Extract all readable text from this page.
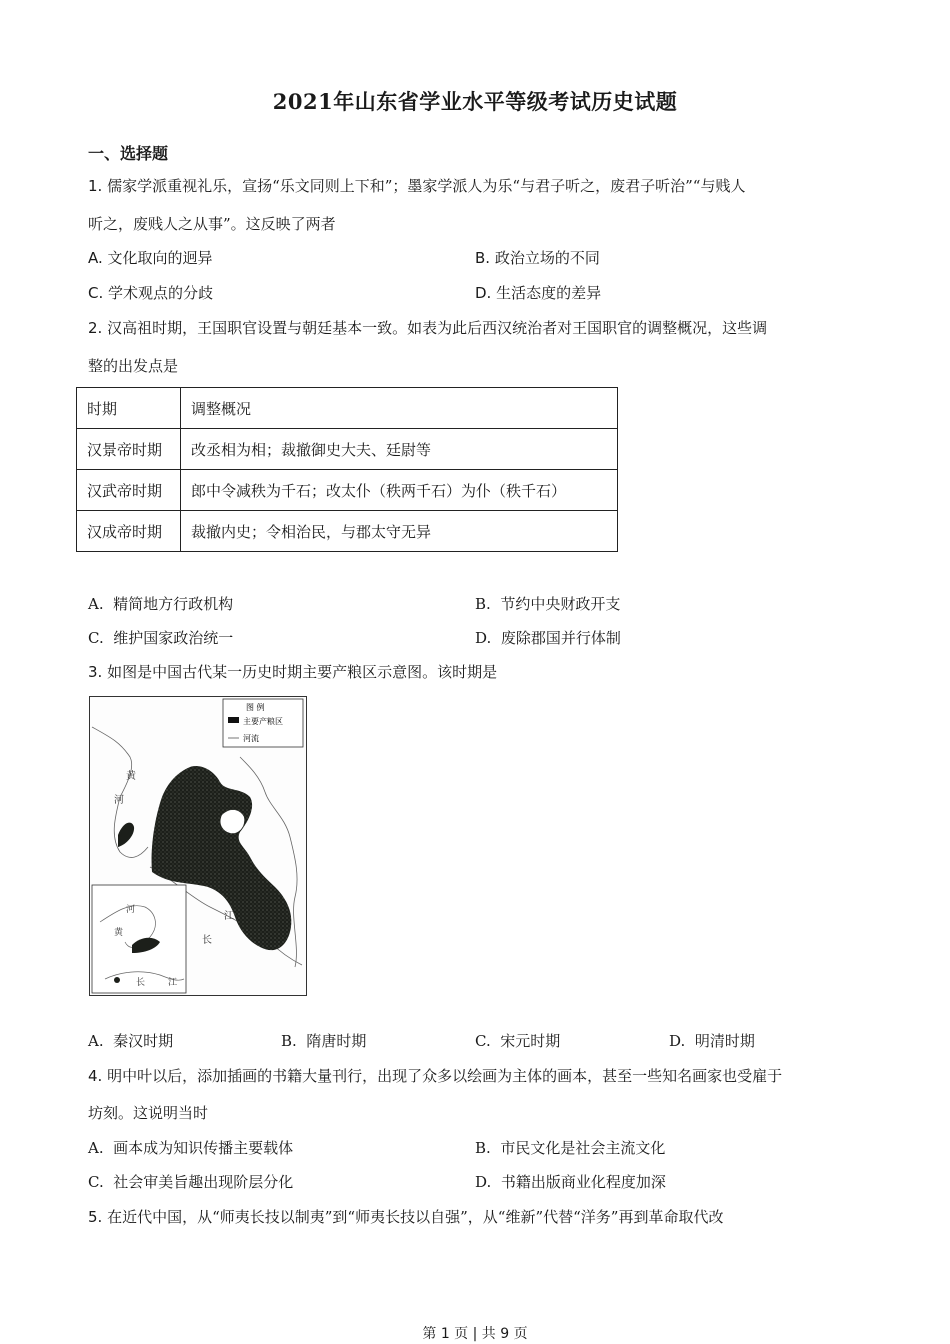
2021年山东省学业水平等级考试历史试题
一、选择题
1. 儒家学派重视礼乐，宣扬“乐文同则上下和”；墨家学派人为乐“与君子听之，废君子听治”“与贱人
听之，废贱人之从事”。这反映了两者
A. 文化取向的迥异	B. 政治立场的不同
C. 学术观点的分歧	D. 生活态度的差异
2. 汉高祖时期，王国职官设置与朝廷基本一致。如表为此后西汉统治者对王国职官的调整概况，这些调
整的出发点是
时期	调整概况
汉景帝时期	改丞相为相；裁撤御史大夫、廷尉等
汉武帝时期	郎中令减秩为千石；改太仆（秩两千石）为仆（秩千石）
汉成帝时期	裁撤内史；令相治民，与郡太守无异
A. 精简地方行政机构	B. 节约中央财政开支
C. 维护国家政治统一	D. 废除郡国并行体制
3. 如图是中国古代某一历史时期主要产粮区示意图。该时期是
图 例
主要产粮区
河流
黄
河
江
长
河
黄
长	江
A. 秦汉时期	B. 隋唐时期	C. 宋元时期	D. 明清时期
4. 明中叶以后，添加插画的书籍大量刊行，出现了众多以绘画为主体的画本，甚至一些知名画家也受雇于
坊刻。这说明当时
A. 画本成为知识传播主要载体	B. 市民文化是社会主流文化
C. 社会审美旨趣出现阶层分化	D. 书籍出版商业化程度加深
5. 在近代中国，从“师夷长技以制夷”到“师夷长技以自强”，从“维新”代替“洋务”再到革命取代改
第 1 页 | 共 9 页
